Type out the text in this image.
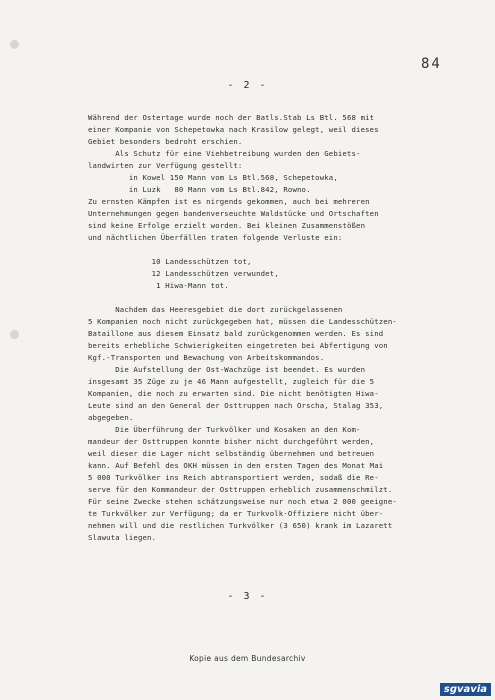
84
- 2 -
Während der Ostertage wurde noch der Batls.Stab Ls Btl. 568 mit
einer Kompanie von Schepetowka nach Krasilow gelegt, weil dieses
Gebiet besonders bedroht erschien.
Als Schutz für eine Viehbetreibung wurden den Gebiets-
landwirten zur Verfügung gestellt:
in Kowel 150 Mann vom Ls Btl.568, Schepetowka,
in Luzk   80 Mann vom Ls Btl.842, Rowno.
Zu ernsten Kämpfen ist es nirgends gekommen, auch bei mehreren
Unternehmungen gegen bandenverseuchte Waldstücke und Ortschaften
sind keine Erfolge erzielt worden. Bei kleinen Zusammenstößen
und nächtlichen Überfällen traten folgende Verluste ein:

10 Landesschützen tot,
12 Landesschützen verwundet,
1 Hiwa-Mann tot.

Nachdem das Heeresgebiet die dort zurückgelassenen
5 Kompanien noch nicht zurückgegeben hat, müssen die Landesschützen-
Bataillone aus diesem Einsatz bald zurückgenommen werden. Es sind
bereits erhebliche Schwierigkeiten eingetreten bei Abfertigung von
Kgf.-Transporten und Bewachung von Arbeitskommandos.
Die Aufstellung der Ost-Wachzüge ist beendet. Es wurden
insgesamt 35 Züge zu je 46 Mann aufgestellt, zugleich für die 5
Kompanien, die noch zu erwarten sind. Die nicht benötigten Hiwa-
Leute sind an den General der Osttruppen nach Orscha, Stalag 353,
abgegeben.
Die Überführung der Turkvölker und Kosaken an den Kom-
mandeur der Osttruppen konnte bisher nicht durchgeführt werden,
weil dieser die Lager nicht selbständig übernehmen und betreuen
kann. Auf Befehl des OKH müssen in den ersten Tagen des Monat Mai
5 000 Turkvölker ins Reich abtransportiert werden, sodaß die Re-
serve für den Kommandeur der Osttruppen erheblich zusammenschmilzt.
Für seine Zwecke stehen schätzungsweise nur noch etwa 2 000 geeigne-
te Turkvölker zur Verfügung; da er Turkvolk-Offiziere nicht über-
nehmen will und die restlichen Turkvölker (3 650) krank im Lazarett
Slawuta liegen.
- 3 -
Kopie aus dem Bundesarchiv
sgvavia
